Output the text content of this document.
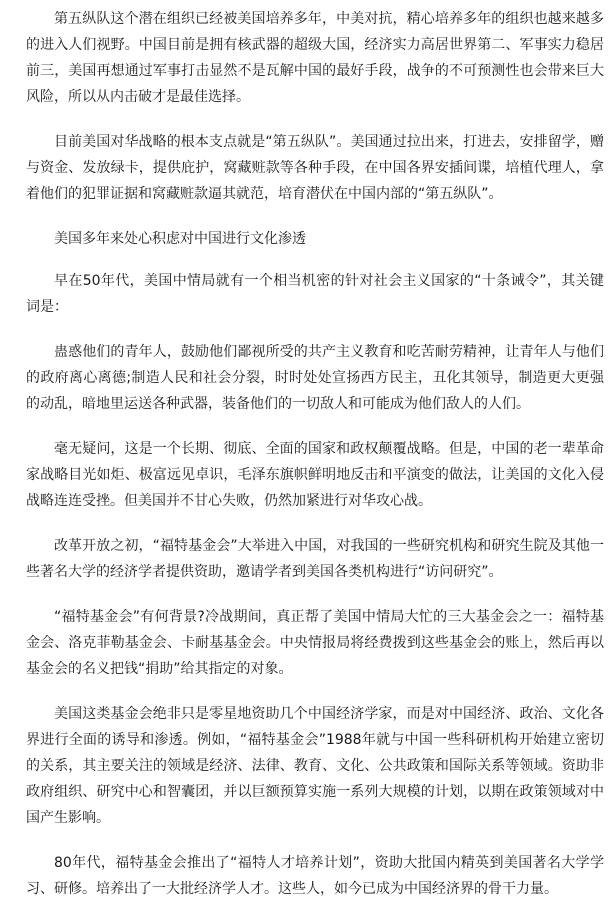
第五纵队这个潜在组织已经被美国培养多年，中美对抗，精心培养多年的组织也越来越多的进入人们视野。中国目前是拥有核武器的超级大国，经济实力高居世界第二、军事实力稳居前三，美国再想通过军事打击显然不是瓦解中国的最好手段，战争的不可预测性也会带来巨大风险，所以从内击破才是最佳选择。

目前美国对华战略的根本支点就是“第五纵队”。美国通过拉出来，打进去，安排留学，赠与资金、发放绿卡，提供庇护，窝藏赃款等各种手段，在中国各界安插间谍，培植代理人，拿着他们的犯罪证据和窝藏赃款逼其就范，培育潜伏在中国内部的“第五纵队”。

美国多年来处心积虑对中国进行文化渗透

早在50年代，美国中情局就有一个相当机密的针对社会主义国家的“十条诫令”，其关键词是：

蛊惑他们的青年人，鼓励他们鄙视所受的共产主义教育和吃苦耐劳精神，让青年人与他们的政府离心离德;制造人民和社会分裂，时时处处宣扬西方民主，丑化其领导，制造更大更强的动乱，暗地里运送各种武器，装备他们的一切敌人和可能成为他们敌人的人们。

毫无疑问，这是一个长期、彻底、全面的国家和政权颠覆战略。但是，中国的老一辈革命家战略目光如炬、极富远见卓识，毛泽东旗帜鲜明地反击和平演变的做法，让美国的文化入侵战略连连受挫。但美国并不甘心失败，仍然加紧进行对华攻心战。

改革开放之初，“福特基金会”大举进入中国，对我国的一些研究机构和研究生院及其他一些著名大学的经济学者提供资助，邀请学者到美国各类机构进行“访问研究”。

“福特基金会”有何背景?冷战期间，真正帮了美国中情局大忙的三大基金会之一：福特基金会、洛克菲勒基金会、卡耐基基金会。中央情报局将经费拨到这些基金会的账上，然后再以基金会的名义把钱“捐助”给其指定的对象。

美国这类基金会绝非只是零星地资助几个中国经济学家，而是对中国经济、政治、文化各界进行全面的诱导和渗透。例如，“福特基金会”1988年就与中国一些科研机构开始建立密切的关系，其主要关注的领域是经济、法律、教育、文化、公共政策和国际关系等领域。资助非政府组织、研究中心和智囊团，并以巨额预算实施一系列大规模的计划，以期在政策领域对中国产生影响。

80年代，福特基金会推出了“福特人才培养计划”，资助大批国内精英到美国著名大学学习、研修。培养出了一大批经济学人才。这些人，如今已成为中国经济界的骨干力量。
